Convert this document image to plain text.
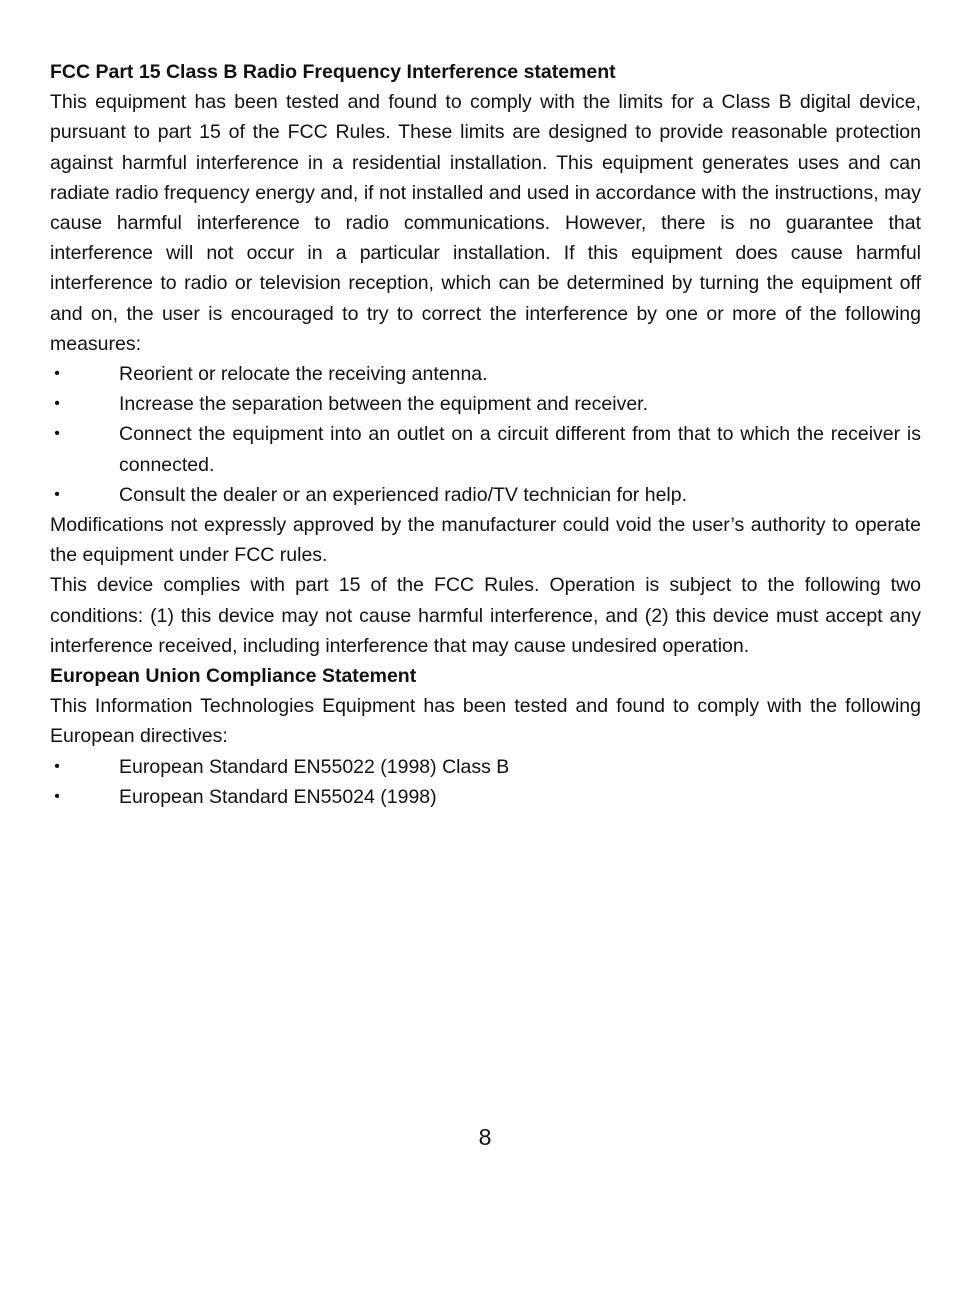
FCC Part 15 Class B Radio Frequency Interference statement

This equipment has been tested and found to comply with the limits for a Class B digital device, pursuant to part 15 of the FCC Rules. These limits are designed to provide reasonable protection against harmful interference in a residential installation. This equipment generates uses and can radiate radio frequency energy and, if not installed and used in accordance with the instructions, may cause harmful interference to radio communications. However, there is no guarantee that interference will not occur in a particular installation. If this equipment does cause harmful interference to radio or television reception, which can be determined by turning the equipment off and on, the user is encouraged to try to correct the interference by one or more of the following measures:

•	Reorient or relocate the receiving antenna.
•	Increase the separation between the equipment and receiver.
•	Connect the equipment into an outlet on a circuit different from that to which the receiver is connected.
•	Consult the dealer or an experienced radio/TV technician for help.

Modifications not expressly approved by the manufacturer could void the user’s authority to operate the equipment under FCC rules.

This device complies with part 15 of the FCC Rules. Operation is subject to the following two conditions: (1) this device may not cause harmful interference, and (2) this device must accept any interference received, including interference that may cause undesired operation.

European Union Compliance Statement

This Information Technologies Equipment has been tested and found to comply with the following European directives:

•	European Standard EN55022 (1998) Class B
•	European Standard EN55024 (1998)
8
